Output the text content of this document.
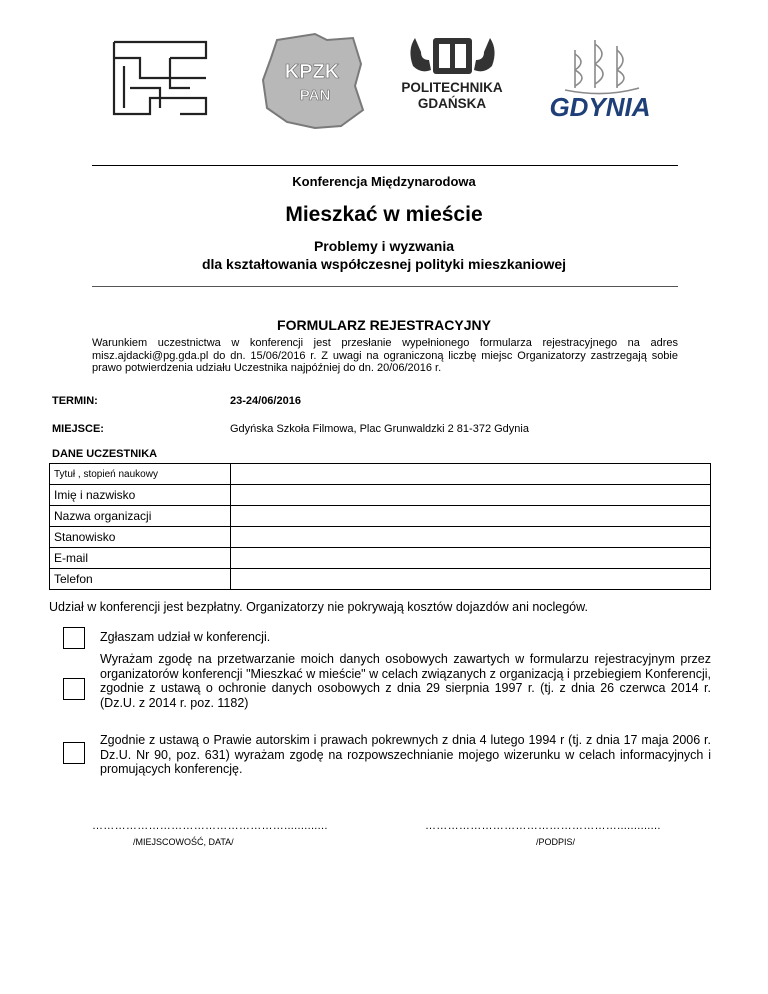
KPZK
PAN	POLITECHNIKA
GDAŃSKA GDYNIA
Konferencja Międzynarodowa
Mieszkać w mieście
Problemy i wyzwania
dla kształtowania współczesnej polityki mieszkaniowej
FORMULARZ REJESTRACYJNY
Warunkiem uczestnictwa w konferencji jest przesłanie wypełnionego formularza rejestracyjnego na adres misz.ajdacki@pg.gda.pl do dn. 15/06/2016 r. Z uwagi na ograniczoną liczbę miejsc Organizatorzy zastrzegają sobie prawo potwierdzenia udziału Uczestnika najpóźniej do dn. 20/06/2016 r.
TERMIN:	23-24/06/2016
MIEJSCE:	Gdyńska Szkoła Filmowa, Plac Grunwaldzki 2 81-372 Gdynia
DANE UCZESTNIKA
Tytuł , stopień naukowy	
Imię i nazwisko	
Nazwa organizacji	
Stanowisko	
E-mail	
Telefon	
Udział w konferencji jest bezpłatny. Organizatorzy nie pokrywają kosztów dojazdów ani noclegów.
Zgłaszam udział w konferencji.
Wyrażam zgodę na przetwarzanie moich danych osobowych zawartych w formularzu rejestracyjnym przez organizatorów konferencji "Mieszkać w mieście" w celach związanych z organizacją i przebiegiem Konferencji, zgodnie z ustawą o ochronie danych osobowych z dnia 29 sierpnia 1997 r. (tj. z dnia 26 czerwca 2014 r. (Dz.U. z 2014 r. poz. 1182)
Zgodnie z ustawą o Prawie autorskim i prawach pokrewnych z dnia 4 lutego 1994 r (tj. z dnia 17 maja 2006 r. Dz.U. Nr 90, poz. 631) wyrażam zgodę na rozpowszechnianie mojego wizerunku w celach informacyjnych i promujących konferencję.
…………………………………………….............
/MIEJSCOWOŚĆ, DATA/
…………………………………………….............
/PODPIS/
